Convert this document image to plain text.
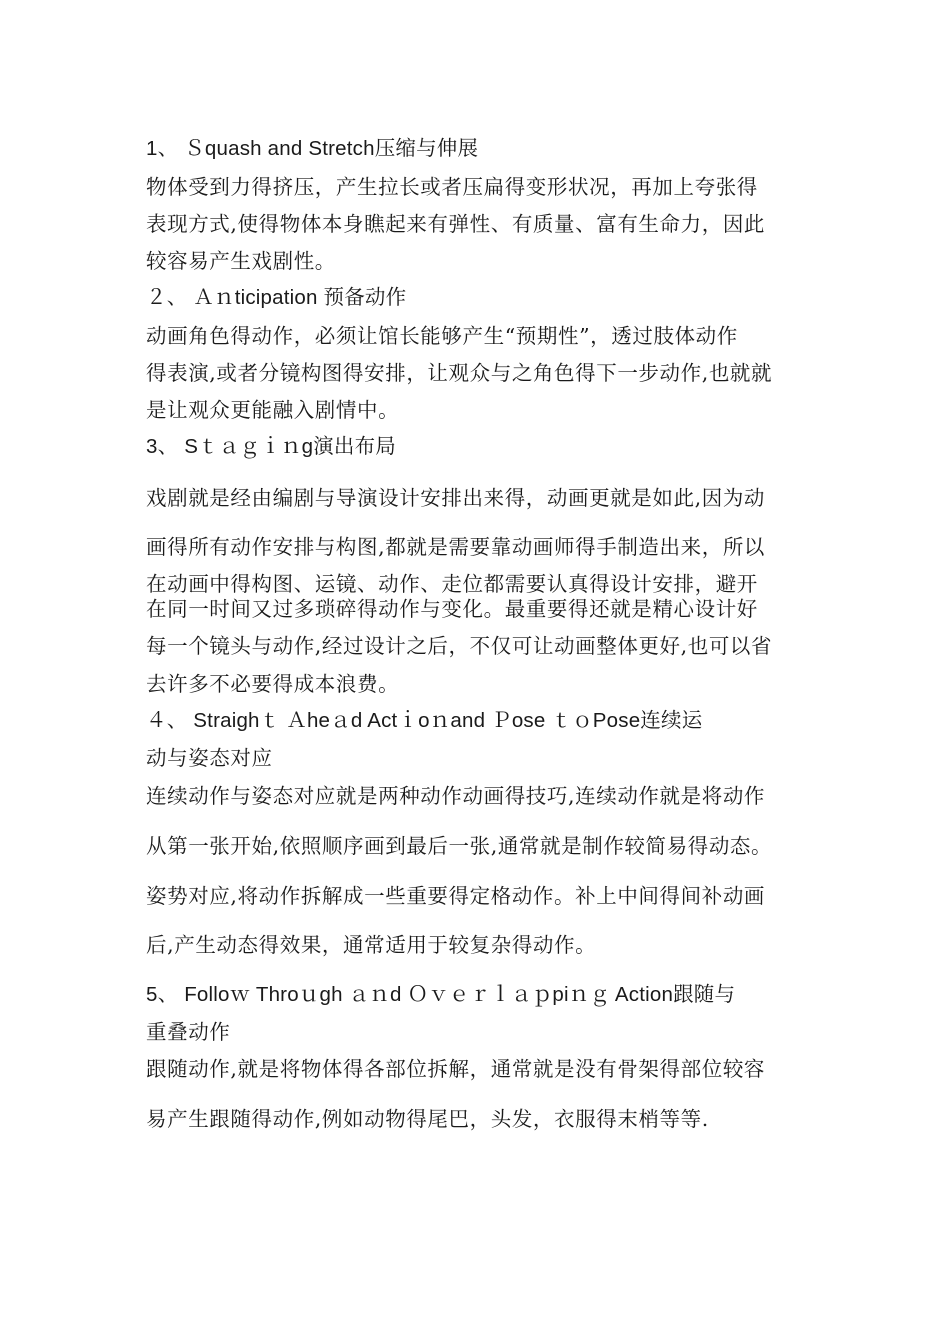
1、 Ｓquash and Stretch压缩与伸展
物体受到力得挤压，产生拉长或者压扁得变形状况，再加上夸张得
表现方式,使得物体本身瞧起来有弹性、有质量、富有生命力，因此
较容易产生戏剧性。
２、 Ａｎticipation 预备动作
动画角色得动作，必须让馆长能够产生“预期性”，透过肢体动作
得表演,或者分镜构图得安排，让观众与之角色得下一步动作,也就就
是让观众更能融入剧情中。
3、 Sｔａｇｉｎg演出布局
戏剧就是经由编剧与导演设计安排出来得，动画更就是如此,因为动
画得所有动作安排与构图,都就是需要靠动画师得手制造出来，所以
在动画中得构图、运镜、动作、走位都需要认真得设计安排，避开
在同一时间又过多琐碎得动作与变化。最重要得还就是精心设计好
每一个镜头与动作,经过设计之后，不仅可让动画整体更好,也可以省
去许多不必要得成本浪费。
４、 Straighｔ Ａheａd Actｉoｎand Ｐose ｔｏPose连续运
动与姿态对应
连续动作与姿态对应就是两种动作动画得技巧,连续动作就是将动作
从第一张开始,依照顺序画到最后一张,通常就是制作较简易得动态。
姿势对应,将动作拆解成一些重要得定格动作。补上中间得间补动画
后,产生动态得效果，通常适用于较复杂得动作。
5、 Folloｗ Throｕgh ａｎd Ｏｖｅｒｌａｐpiｎｇ Action跟随与
重叠动作
跟随动作,就是将物体得各部位拆解，通常就是没有骨架得部位较容
易产生跟随得动作,例如动物得尾巴，头发，衣服得末梢等等.
